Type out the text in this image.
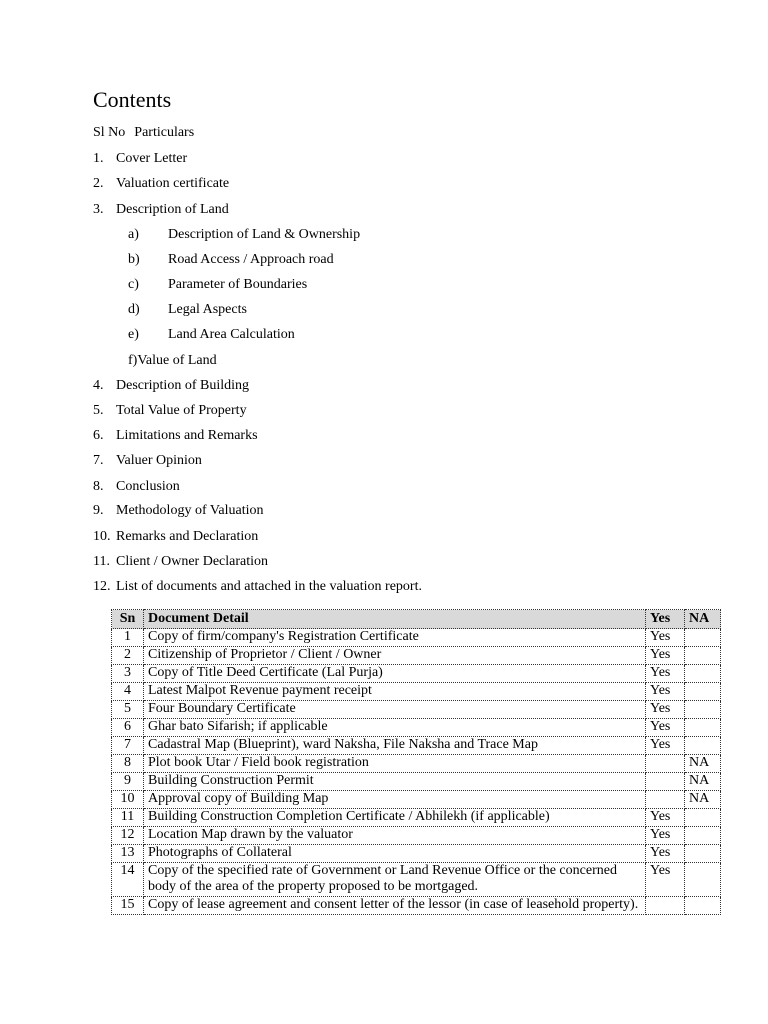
Contents
Sl No Particulars
1. Cover Letter
2. Valuation certificate
3. Description of Land
a) Description of Land & Ownership
b) Road Access / Approach road
c) Parameter of Boundaries
d) Legal Aspects
e) Land Area Calculation
f)Value of Land
4. Description of Building
5. Total Value of Property
6. Limitations and Remarks
7. Valuer Opinion
8. Conclusion
9. Methodology of Valuation
10. Remarks and Declaration
11. Client / Owner Declaration
12. List of documents and attached in the valuation report.
Sn	Document Detail	Yes	NA
1	Copy of firm/company's Registration Certificate	Yes	
2	Citizenship of Proprietor / Client / Owner	Yes	
3	Copy of Title Deed Certificate (Lal Purja)	Yes	
4	Latest Malpot Revenue payment receipt	Yes	
5	Four Boundary Certificate	Yes	
6	Ghar bato Sifarish; if applicable	Yes	
7	Cadastral Map (Blueprint), ward Naksha, File Naksha and Trace Map	Yes	
8	Plot book Utar / Field book registration		NA
9	Building Construction Permit		NA
10	Approval copy of Building Map		NA
11	Building Construction Completion Certificate / Abhilekh (if applicable)	Yes	
12	Location Map drawn by the valuator	Yes	
13	Photographs of Collateral	Yes	
14	Copy of the specified rate of Government or Land Revenue Office or the concerned body of the area of the property proposed to be mortgaged.	Yes	
15	Copy of lease agreement and consent letter of the lessor (in case of leasehold property).		
